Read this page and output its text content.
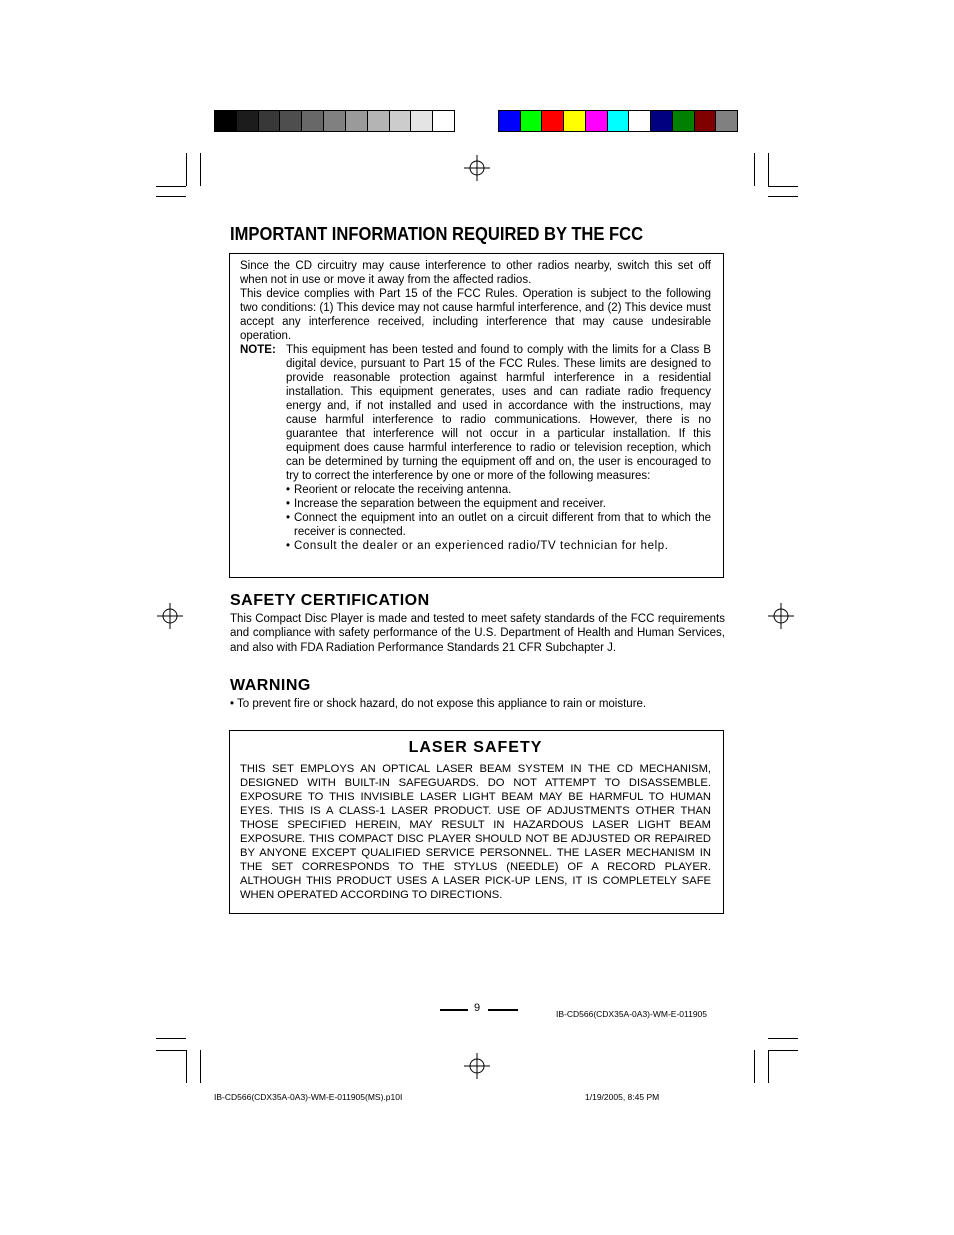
IMPORTANT INFORMATION REQUIRED BY THE FCC

Since the CD circuitry may cause interference to other radios nearby, switch this set off when not in use or move it away from the affected radios.

This device complies with Part 15 of the FCC Rules. Operation is subject to the following two conditions: (1) This device may not cause harmful interference, and (2) This device must accept any interference received, including interference that may cause undesirable operation.

NOTE: This equipment has been tested and found to comply with the limits for a Class B digital device, pursuant to Part 15 of the FCC Rules. These limits are designed to provide reasonable protection against harmful interference in a residential installation. This equipment generates, uses and can radiate radio frequency energy and, if not installed and used in accordance with the instructions, may cause harmful interference to radio communications. However, there is no guarantee that interference will not occur in a particular installation. If this equipment does cause harmful interference to radio or television reception, which can be determined by turning the equipment off and on, the user is encouraged to try to correct the interference by one or more of the following measures:

• Reorient or relocate the receiving antenna.
• Increase the separation between the equipment and receiver.
• Connect the equipment into an outlet on a circuit different from that to which the receiver is connected.
• Consult the dealer or an experienced radio/TV technician for help.
SAFETY CERTIFICATION

This Compact Disc Player is made and tested to meet safety standards of the FCC requirements and compliance with safety performance of the U.S. Department of Health and Human Services, and also with FDA Radiation Performance Standards 21 CFR Subchapter J.

WARNING

• To prevent fire or shock hazard, do not expose this appliance to rain or moisture.

LASER SAFETY

THIS SET EMPLOYS AN OPTICAL LASER BEAM SYSTEM IN THE CD MECHANISM, DESIGNED WITH BUILT-IN SAFEGUARDS. DO NOT ATTEMPT TO DISASSEMBLE. EXPOSURE TO THIS INVISIBLE LASER LIGHT BEAM MAY BE HARMFUL TO HUMAN EYES. THIS IS A CLASS-1 LASER PRODUCT. USE OF ADJUSTMENTS OTHER THAN THOSE SPECIFIED HEREIN, MAY RESULT IN HAZARDOUS LASER LIGHT BEAM EXPOSURE. THIS COMPACT DISC PLAYER SHOULD NOT BE ADJUSTED OR REPAIRED BY ANYONE EXCEPT QUALIFIED SERVICE PERSONNEL. THE LASER MECHANISM IN THE SET CORRESPONDS TO THE STYLUS (NEEDLE) OF A RECORD PLAYER. ALTHOUGH THIS PRODUCT USES A LASER PICK-UP LENS, IT IS COMPLETELY SAFE WHEN OPERATED ACCORDING TO DIRECTIONS.

9	IB-CD566(CDX35A-0A3)-WM-E-011905
IB-CD566(CDX35A-0A3)-WM-E-011905(MS).p10I	1/19/2005, 8:45 PM
